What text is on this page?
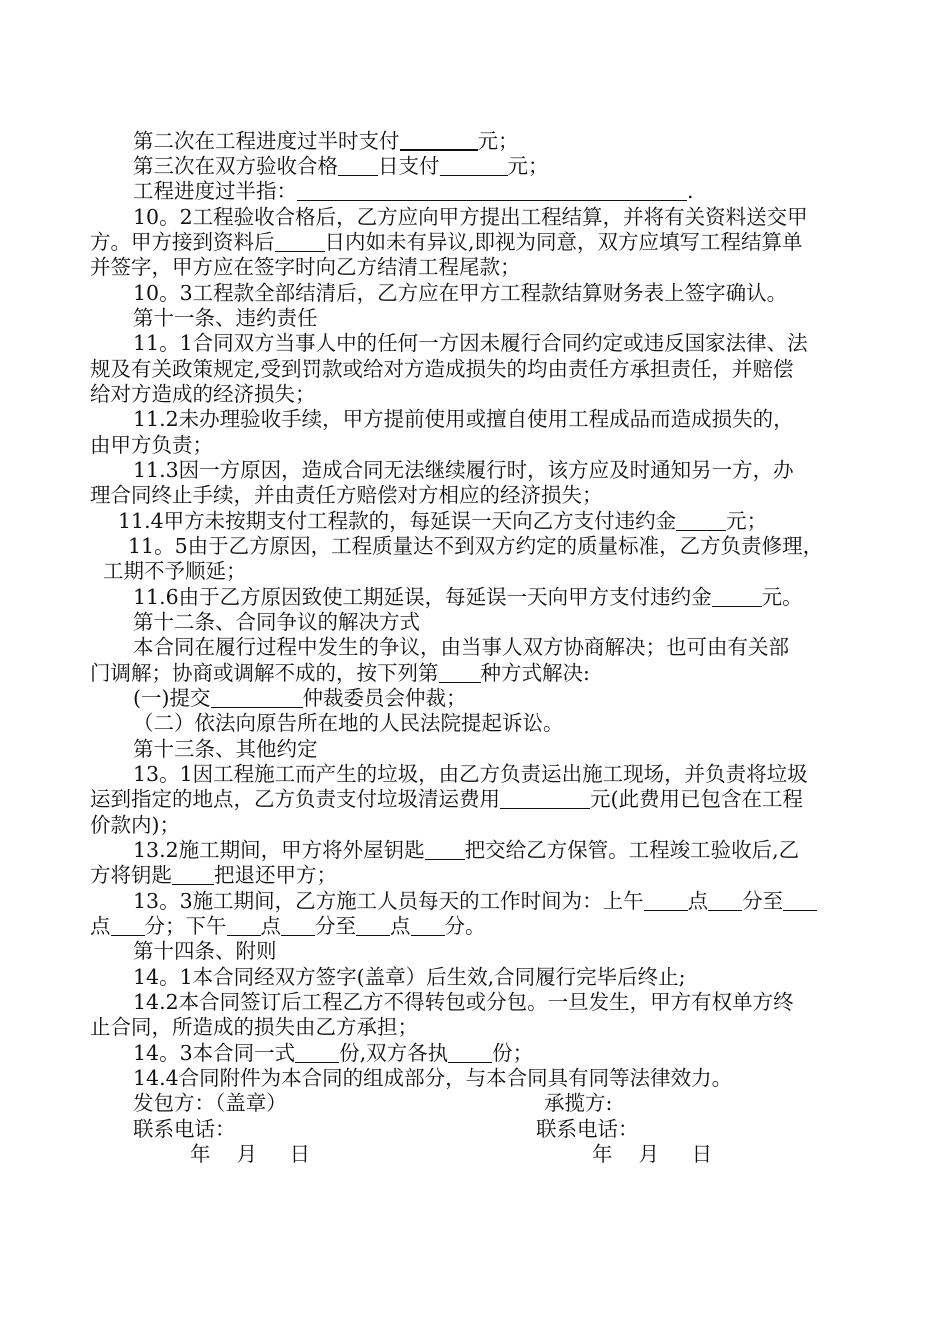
第二次在工程进度过半时支付	元；
第三次在双方验收合格 日支付	元；
工程进度过半指：	.
10。2工程验收合格后，乙方应向甲方提出工程结算，并将有关资料送交甲
方。甲方接到资料后 日内如未有异议,即视为同意，双方应填写工程结算单
并签字，甲方应在签字时向乙方结清工程尾款；
10。3工程款全部结清后，乙方应在甲方工程款结算财务表上签字确认。
第十一条、违约责任
11。1合同双方当事人中的任何一方因未履行合同约定或违反国家法律、法
规及有关政策规定,受到罚款或给对方造成损失的均由责任方承担责任，并赔偿
给对方造成的经济损失；
11.2未办理验收手续，甲方提前使用或擅自使用工程成品而造成损失的，
由甲方负责；
11.3因一方原因，造成合同无法继续履行时，该方应及时通知另一方，办
理合同终止手续，并由责任方赔偿对方相应的经济损失；
11.4甲方未按期支付工程款的，每延误一天向乙方支付违约金 元；
11。5由于乙方原因，工程质量达不到双方约定的质量标准，乙方负责修理，
工期不予顺延；
11.6由于乙方原因致使工期延误，每延误一天向甲方支付违约金 元。
第十二条、合同争议的解决方式
本合同在履行过程中发生的争议，由当事人双方协商解决；也可由有关部
门调解；协商或调解不成的，按下列第 种方式解决:
(一)提交	仲裁委员会仲裁；
（二）依法向原告所在地的人民法院提起诉讼。
第十三条、其他约定
13。1因工程施工而产生的垃圾，由乙方负责运出施工现场，并负责将垃圾
运到指定的地点，乙方负责支付垃圾清运费用	元(此费用已包含在工程
价款内)；
13.2施工期间，甲方将外屋钥匙 把交给乙方保管。工程竣工验收后,乙
方将钥匙 把退还甲方；
13。3施工期间，乙方施工人员每天的工作时间为：上午 点 分至
点 分；下午 点 分至 点 分。
第十四条、附则
14。1本合同经双方签字(盖章）后生效,合同履行完毕后终止;
14.2本合同签订后工程乙方不得转包或分包。一旦发生，甲方有权单方终
止合同，所造成的损失由乙方承担；
14。3本合同一式 份,双方各执 份；
14.4合同附件为本合同的组成部分，与本合同具有同等法律效力。
发包方：（盖章）	承揽方:
联系电话：	联系电话：
年    月     日	年    月     日
